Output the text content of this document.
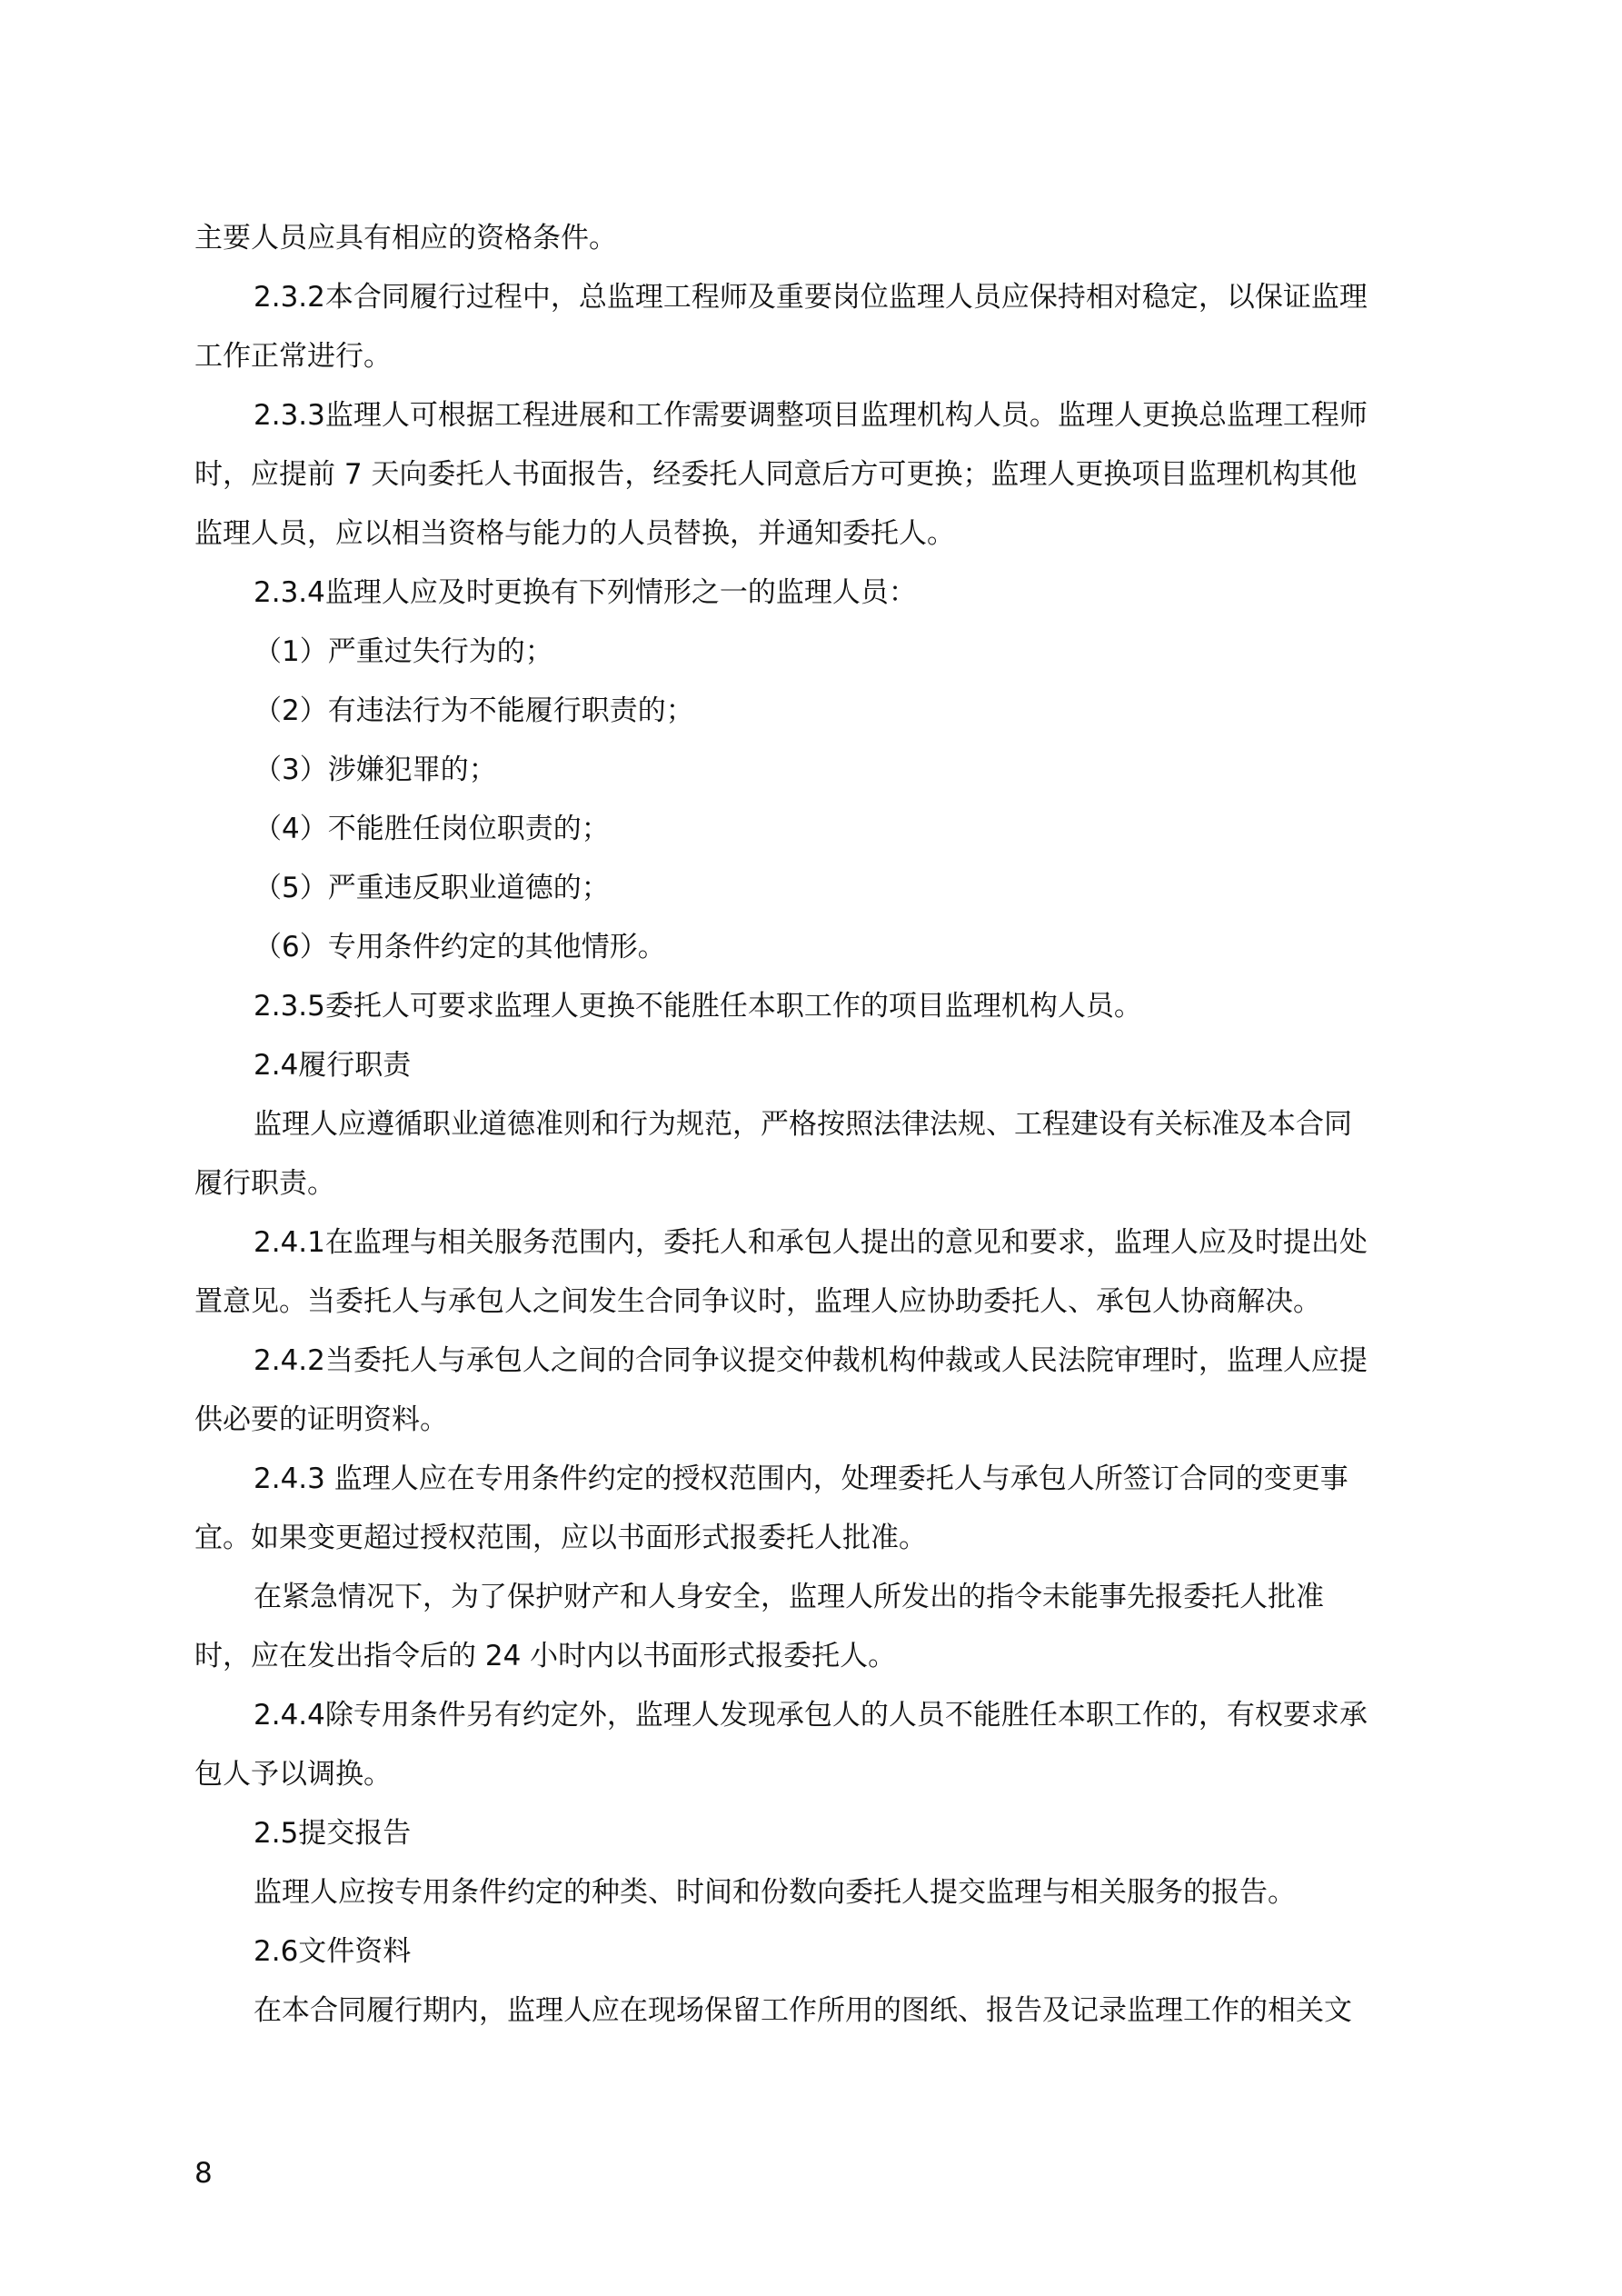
主要人员应具有相应的资格条件。

2.3.2本合同履行过程中，总监理工程师及重要岗位监理人员应保持相对稳定，以保证监理

工作正常进行。

2.3.3监理人可根据工程进展和工作需要调整项目监理机构人员。监理人更换总监理工程师

时，应提前 7 天向委托人书面报告，经委托人同意后方可更换；监理人更换项目监理机构其他

监理人员，应以相当资格与能力的人员替换，并通知委托人。

2.3.4监理人应及时更换有下列情形之一的监理人员：

（1）严重过失行为的；

（2）有违法行为不能履行职责的；

（3）涉嫌犯罪的；

（4）不能胜任岗位职责的；

（5）严重违反职业道德的；

（6）专用条件约定的其他情形。

2.3.5委托人可要求监理人更换不能胜任本职工作的项目监理机构人员。

2.4履行职责

监理人应遵循职业道德准则和行为规范，严格按照法律法规、工程建设有关标准及本合同

履行职责。

2.4.1在监理与相关服务范围内，委托人和承包人提出的意见和要求，监理人应及时提出处

置意见。当委托人与承包人之间发生合同争议时，监理人应协助委托人、承包人协商解决。

2.4.2当委托人与承包人之间的合同争议提交仲裁机构仲裁或人民法院审理时，监理人应提

供必要的证明资料。

2.4.3 监理人应在专用条件约定的授权范围内，处理委托人与承包人所签订合同的变更事

宜。如果变更超过授权范围，应以书面形式报委托人批准。

在紧急情况下，为了保护财产和人身安全，监理人所发出的指令未能事先报委托人批准

时，应在发出指令后的 24 小时内以书面形式报委托人。

2.4.4除专用条件另有约定外，监理人发现承包人的人员不能胜任本职工作的，有权要求承

包人予以调换。

2.5提交报告

监理人应按专用条件约定的种类、时间和份数向委托人提交监理与相关服务的报告。

2.6文件资料

在本合同履行期内，监理人应在现场保留工作所用的图纸、报告及记录监理工作的相关文

8
